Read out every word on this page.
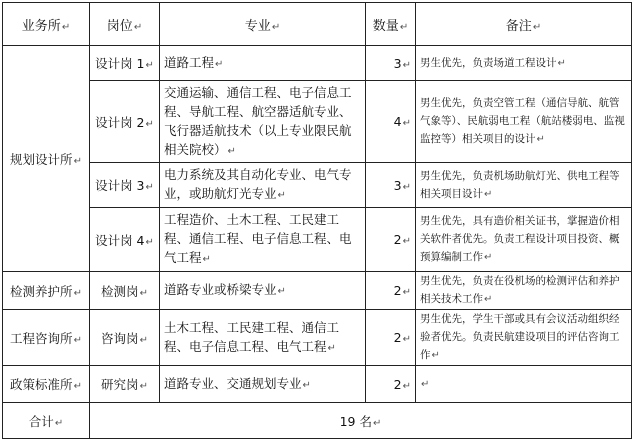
业务所↵	岗位↵	专业↵	数量↵	备注↵
规划设计所↵	设计岗 1↵	道路工程↵	3↵	男生优先，负责场道工程设计↵
	设计岗 2↵	交通运输、通信工程、电子信息工程、导航工程、航空器适航专业、飞行器适航技术（以上专业限民航相关院校）↵	4↵	男生优先，负责空管工程（通信导航、航管气象等）、民航弱电工程（航站楼弱电、监视监控等）相关项目的设计↵
	设计岗 3↵	电力系统及其自动化专业、电气专业，或助航灯光专业↵	3↵	男生优先，负责机场助航灯光、供电工程等相关项目设计↵
	设计岗 4↵	工程造价、土木工程、工民建工程、通信工程、电子信息工程、电气工程↵	2↵	男生优先，具有造价相关证书，掌握造价相关软件者优先。负责工程设计项目投资、概预算编制工作↵
检测养护所↵	检测岗↵	道路专业或桥梁专业↵	2↵	男生优先，负责在役机场的检测评估和养护相关技术工作↵
工程咨询所↵	咨询岗↵	土木工程、工民建工程、通信工程、电子信息工程、电气工程↵	2↵	男生优先，学生干部或具有会议活动组织经验者优先。负责民航建设项目的评估咨询工作↵
政策标准所↵	研究岗↵	道路专业、交通规划专业↵	2↵	↵
合计↵	19 名↵			
